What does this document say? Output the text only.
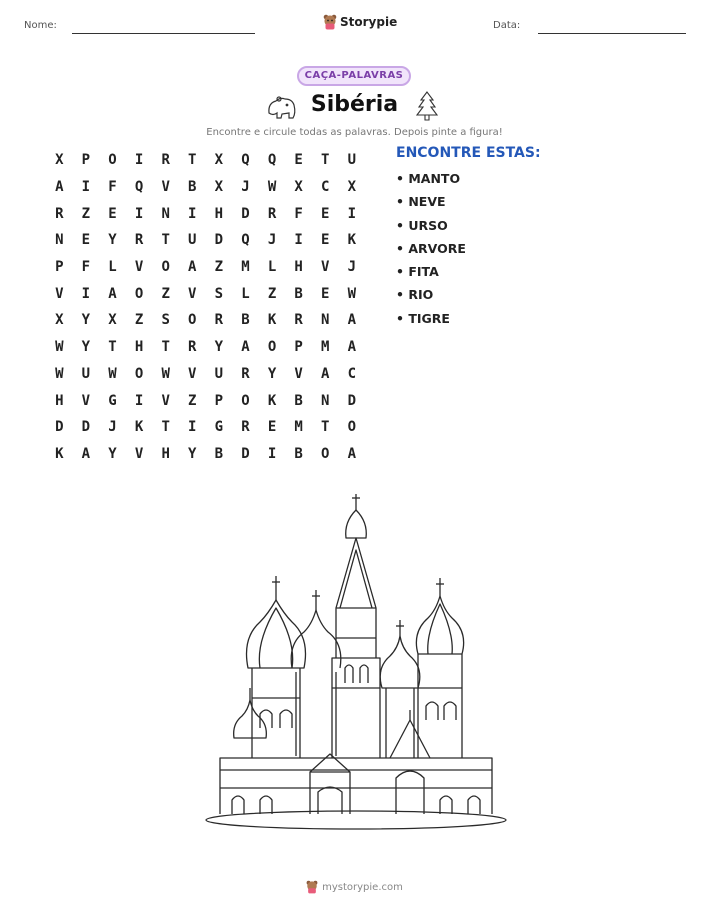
Nome:	Storypie	Data:
CAÇA-PALAVRAS
Sibéria
Encontre e circule todas as palavras. Depois pinte a figura!
X	P	O	I	R	T	X	Q	Q	E	T	U
A	I	F	Q	V	B	X	J	W	X	C	X
R	Z	E	I	N	I	H	D	R	F	E	I
N	E	Y	R	T	U	D	Q	J	I	E	K
P	F	L	V	O	A	Z	M	L	H	V	J
V	I	A	O	Z	V	S	L	Z	B	E	W
X	Y	X	Z	S	O	R	B	K	R	N	A
W	Y	T	H	T	R	Y	A	O	P	M	A
W	U	W	O	W	V	U	R	Y	V	A	C
H	V	G	I	V	Z	P	O	K	B	N	D
D	D	J	K	T	I	G	R	E	M	T	O
K	A	Y	V	H	Y	B	D	I	B	O	A
ENCONTRE ESTAS:
• MANTO
• NEVE
• URSO
• ARVORE
• FITA
• RIO
• TIGRE
mystorypie.com
